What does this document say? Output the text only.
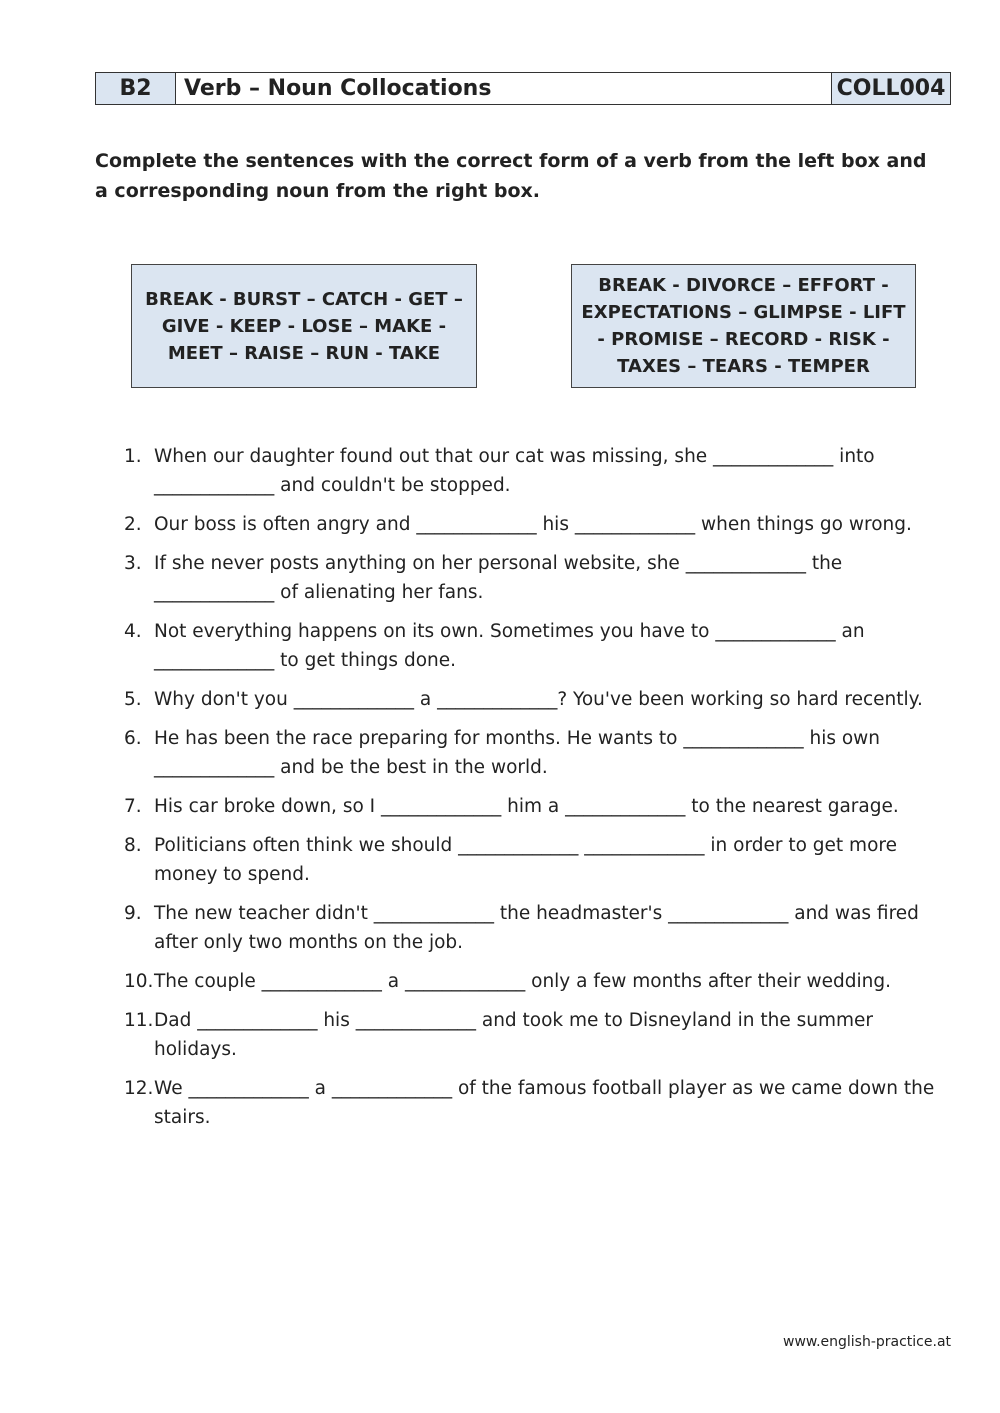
B2	Verb – Noun Collocations	COLL004

Complete the sentences with the correct form of a verb from the left box and a corresponding noun from the right box.

BREAK - BURST – CATCH - GET – GIVE - KEEP - LOSE – MAKE - MEET – RAISE – RUN - TAKE
BREAK - DIVORCE – EFFORT - EXPECTATIONS – GLIMPSE - LIFT - PROMISE – RECORD - RISK - TAXES – TEARS - TEMPER
1. When our daughter found out that our cat was missing, she _____________ into _____________ and couldn't be stopped.
2. Our boss is often angry and _____________ his _____________ when things go wrong.
3. If she never posts anything on her personal website, she _____________ the _____________ of alienating her fans.
4. Not everything happens on its own. Sometimes you have to _____________ an _____________ to get things done.
5. Why don't you _____________ a _____________? You've been working so hard recently.
6. He has been the race preparing for months. He wants to _____________ his own _____________ and be the best in the world.
7. His car broke down, so I _____________ him a _____________ to the nearest garage.
8. Politicians often think we should _____________ _____________ in order to get more money to spend.
9. The new teacher didn't _____________ the headmaster's _____________ and was fired after only two months on the job.
10. The couple _____________ a _____________ only a few months after their wedding.
11. Dad _____________ his _____________ and took me to Disneyland in the summer holidays.
12. We _____________ a _____________ of the famous football player as we came down the stairs.
www.english-practice.at
